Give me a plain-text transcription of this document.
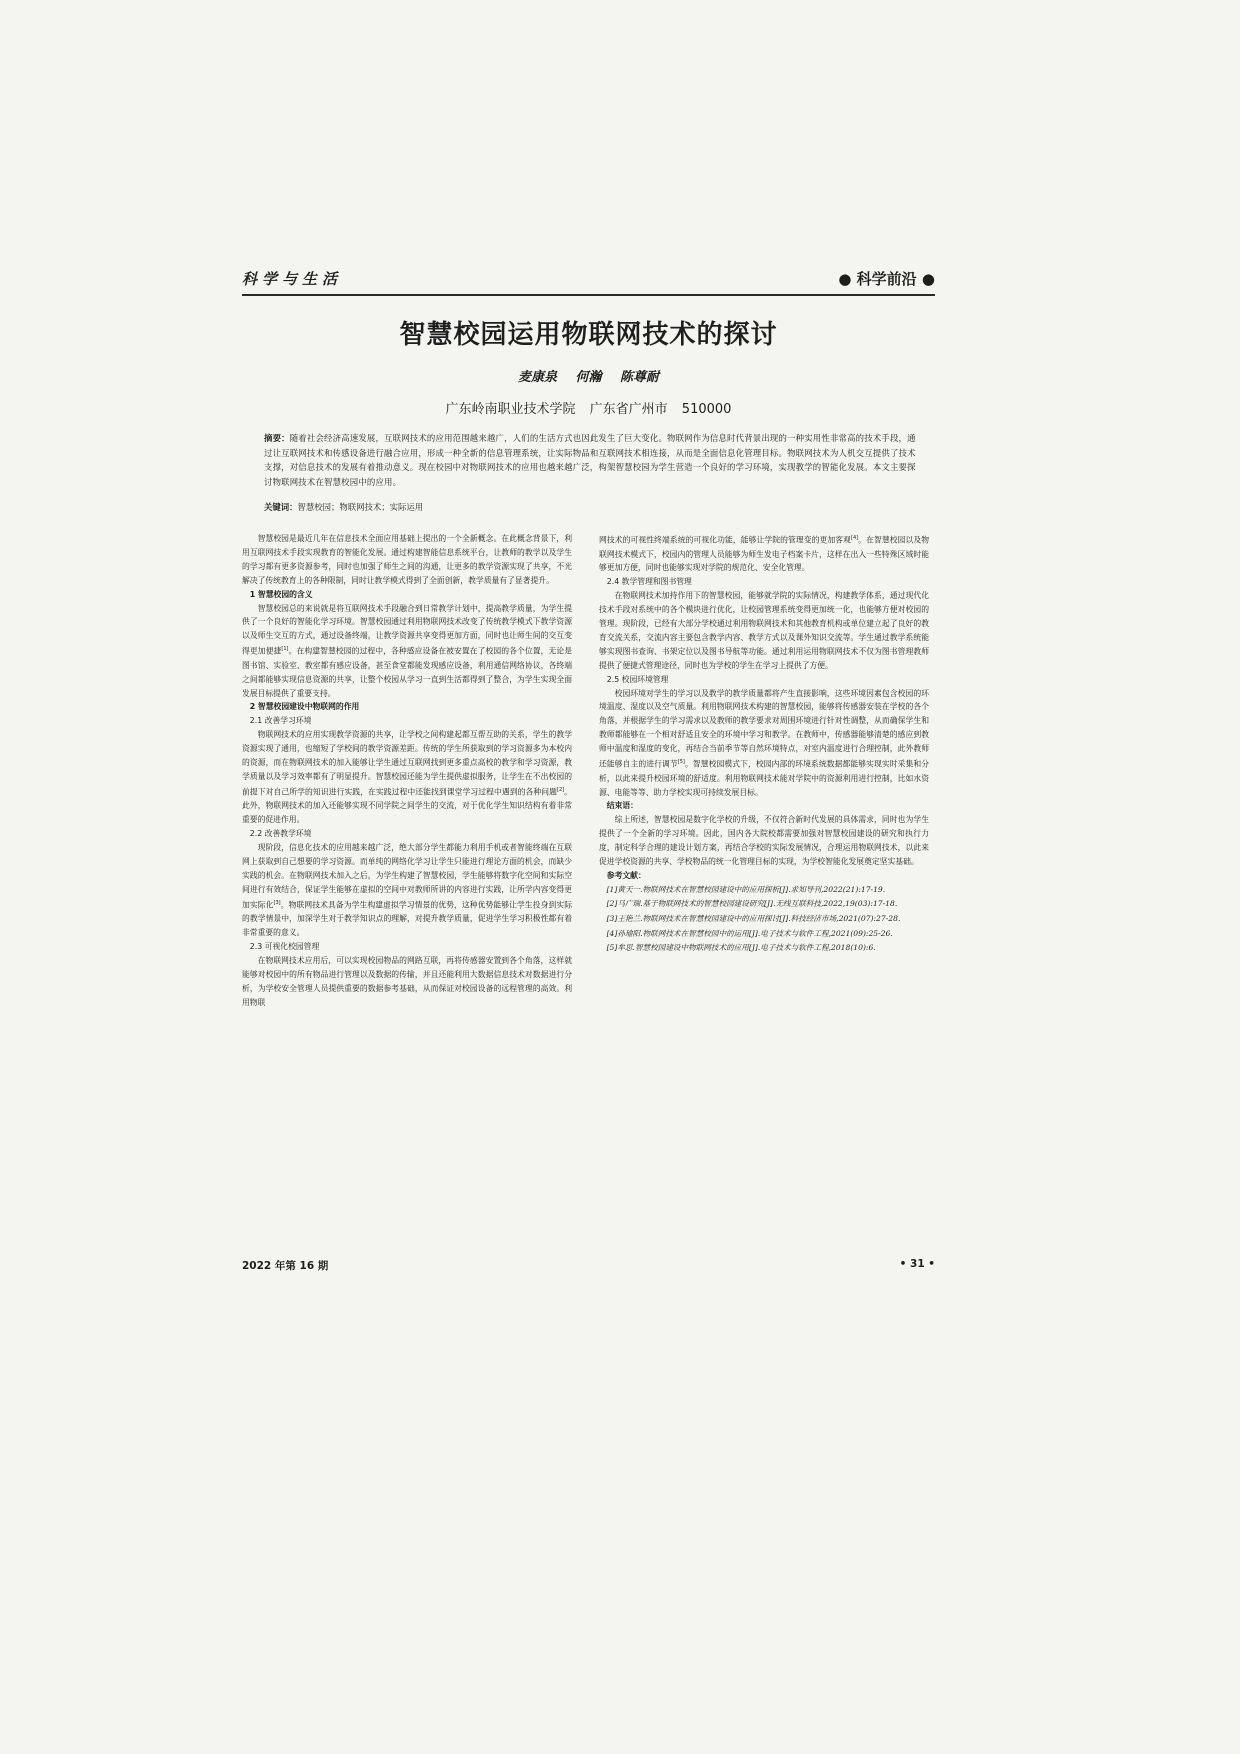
科学与生活	● 科学前沿 ●
智慧校园运用物联网技术的探讨
麦康泉 何瀚 陈尊耐
广东岭南职业技术学院 广东省广州市 510000
摘要：随着社会经济高速发展，互联网技术的应用范围越来越广，人们的生活方式也因此发生了巨大变化。物联网作为信息时代背景出现的一种实用性非常高的技术手段，通过让互联网技术和传感设备进行融合应用，形成一种全新的信息管理系统，让实际物品和互联网技术相连接，从而是全面信息化管理目标。物联网技术为人机交互提供了技术支撑，对信息技术的发展有着推动意义。现在校园中对物联网技术的应用也越来越广泛，构架智慧校园为学生营造一个良好的学习环境，实现教学的智能化发展。本文主要探讨物联网技术在智慧校园中的应用。
关键词：智慧校园；物联网技术；实际运用

智慧校园是最近几年在信息技术全面应用基础上提出的一个全新概念。在此概念背景下，利用互联网技术手段实现教育的智能化发展。通过构建智能信息系统平台，让教师的教学以及学生的学习都有更多资源参考，同时也加强了师生之间的沟通，让更多的教学资源实现了共享，不光解决了传统教育上的各种限制，同时让教学模式得到了全面创新，教学质量有了显著提升。

1 智慧校园的含义

智慧校园总的来说就是将互联网技术手段融合到日常教学计划中，提高教学质量，为学生提供了一个良好的智能化学习环境。智慧校园通过利用物联网技术改变了传统教学模式下教学资源以及师生交互的方式，通过设备终端，让教学资源共享变得更加方面，同时也让师生间的交互变得更加便捷[1]。在构建智慧校园的过程中，各种感应设备在被安置在了校园的各个位置，无论是图书馆、实验室、教室都有感应设备，甚至食堂都能发现感应设备，利用通信网络协议，各终端之间都能够实现信息资源的共享，让整个校园从学习一直到生活都得到了整合，为学生实现全面发展目标提供了重要支持。

2 智慧校园建设中物联网的作用

2.1 改善学习环境

物联网技术的应用实现教学资源的共享，让学校之间构建起都互帮互助的关系，学生的教学资源实现了通用，也缩短了学校间的教学资源差距。传统的学生所获取到的学习资源多为本校内的资源，而在物联网技术的加入能够让学生通过互联网找到更多重点高校的教学和学习资源，教学质量以及学习效率都有了明显提升。智慧校园还能为学生提供虚拟服务，让学生在不出校园的前提下对自己所学的知识进行实践，在实践过程中还能找到课堂学习过程中遇到的各种问题[2]。此外，物联网技术的加入还能够实现不同学院之间学生的交流，对于优化学生知识结构有着非常重要的促进作用。

2.2 改善教学环境

现阶段，信息化技术的应用越来越广泛，绝大部分学生都能力利用手机或者智能终端在互联网上获取到自己想要的学习资源。而单纯的网络化学习让学生只能进行理论方面的机会，而缺少实践的机会。在物联网技术加入之后，为学生构建了智慧校园，学生能够将数字化空间和实际空间进行有效结合，保证学生能够在虚拟的空间中对教师所讲的内容进行实践，让所学内容变得更加实际化[3]。物联网技术具备为学生构建虚拟学习情景的优势，这种优势能够让学生投身到实际的教学情景中，加深学生对于教学知识点的理解，对提升教学质量，促进学生学习积极性都有着非常重要的意义。

2.3 可视化校园管理

在物联网技术应用后，可以实现校园物品的网路互联，再将传感器安置到各个角落，这样就能够对校园中的所有物品进行管理以及数据的传输，并且还能利用大数据信息技术对数据进行分析，为学校安全管理人员提供重要的数据参考基础，从而保证对校园设备的远程管理的高效。利用物联

网技术的可视性终端系统的可视化功能，能够让学院的管理变的更加客观[4]。在智慧校园以及物联网技术模式下，校园内的管理人员能够为师生发电子档案卡片，这样在出入一些特殊区域时能够更加方便，同时也能够实现对学院的规范化、安全化管理。

2.4 教学管理和图书管理

在物联网技术加持作用下的智慧校园，能够就学院的实际情况，构建教学体系，通过现代化技术手段对系统中的各个模块进行优化，让校园管理系统变得更加统一化，也能够方便对校园的管理。现阶段，已经有大部分学校通过利用物联网技术和其他教育机构或单位建立起了良好的教育交流关系，交流内容主要包含教学内容、教学方式以及课外知识交流等。学生通过教学系统能够实现图书查询、书架定位以及图书导航等功能。通过利用运用物联网技术不仅为图书管理教师提供了便捷式管理途径，同时也为学校的学生在学习上提供了方便。

2.5 校园环境管理

校园环境对学生的学习以及教学的教学质量都将产生直接影响，这些环境因素包含校园的环境温度、湿度以及空气质量。利用物联网技术构建的智慧校园，能够将传感器安装在学校的各个角落，并根据学生的学习需求以及教师的教学要求对周围环境进行针对性调整，从而确保学生和教师都能够在一个相对舒适且安全的环境中学习和教学。在教师中，传感器能够清楚的感应到教师中温度和湿度的变化，再结合当前季节等自然环境特点，对室内温度进行合理控制，此外教师还能够自主的进行调节[5]。智慧校园模式下，校园内部的环境系统数据都能够实现实时采集和分析，以此来提升校园环境的舒适度。利用物联网技术能对学院中的资源利用进行控制，比如水资源、电能等等、助力学校实现可持续发展目标。

结束语：

综上所述，智慧校园是数字化学校的升级，不仅符合新时代发展的具体需求，同时也为学生提供了一个全新的学习环境。因此，国内各大院校都需要加强对智慧校园建设的研究和执行力度，制定科学合理的建设计划方案，再结合学校的实际发展情况，合理运用物联网技术，以此来促进学校资源的共享、学校物品的统一化管理目标的实现，为学校智能化发展奠定坚实基础。

参考文献：

[1]黄天一.物联网技术在智慧校园建设中的应用探析[J].求知导刊,2022(21):17-19.

[2]马广瑞.基于物联网技术的智慧校园建设研究[J].无线互联科技,2022,19(03):17-18.

[3]王艳兰.物联网技术在智慧校园建设中的应用探讨[J].科技经济市场,2021(07):27-28.

[4]孙瑜阳.物联网技术在智慧校园中的运用[J].电子技术与软件工程,2021(09):25-26.

[5]牟思.智慧校园建设中物联网技术的应用[J].电子技术与软件工程,2018(10):6.

2022 年第 16 期	• 31 •
